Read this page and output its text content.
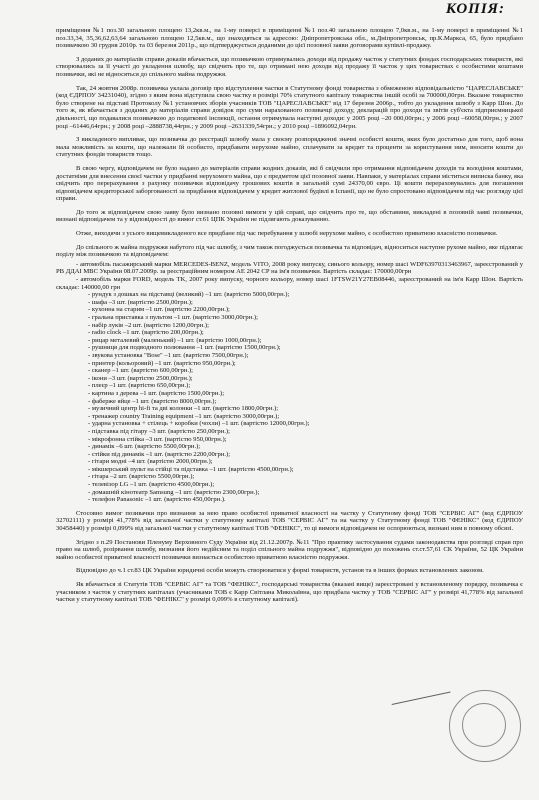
КОПІЯ:

приміщення №1 поз.30 загальною площею 13,2кв.м., на 1-му поверсі в приміщенні №1 поз.40 загальною площею 7,0кв.м., на 1-му поверсі в приміщенні №1 поз.33,34, 35,36,62,63,64 загальною площею 12,5кв.м., що знаходяться за адресою: Дніпропетровська обл., м.Дніпропетровськ, пр.К.Маркса, 65, було придбано позивачкою 30 грудня 2010р. та 03 березня 2011р., що підтверджується доданими до цієї позовної заяви договорами купівлі-продажу.

З доданих до матеріалів справи доказів вбачається, що позивачкою отримувались доходи від продажу часток у статутних фондах господарських товариств, які створювались за її участі до укладення шлюбу, що свідчить про те, що отримані нею доходи від продажу її часток у цих товариствах є особистими коштами позивачки, які не відносяться до спільного майна подружжя.

Так, 24 жовтня 2008р. позивачка уклала договір про відступлення частки в Статутному фонді товариства з обмеженою відповідальністю "ЦАРЕСЛАВСЬКЕ" (код ЄДРПОУ 34231040), згідно з яким вона відступила свою частку в розмірі 70% статутного капіталу товариства іншій особі за 700000,00грн. Вказане товариство було створене на підставі Протоколу №1 установчих зборів учасників ТОВ "ЦАРЕСЛАВСЬКЕ" від 17 березня 2006р., тобто до укладення шлюбу з Карр Шон. До того ж, як вбачається з доданих до матеріалів справи довідок про суми нарахованого позивачці доходу, декларацій про доходи та звітів суб'єкта підприємницької діяльності, що подавалися позивачкою до податкової інспекції, остання отримувала наступні доходи: у 2005 році –20 000,00грн.; у 2006 році –60058,00грн.; у 2007 році –61446,64грн.; у 2008 році –2888738,44грн.; у 2009 році –2631339,54грн.; у 2010 році –1896092,04грн.

З викладеного випливає, що позивачка до реєстрації шлюбу мала у своєму розпорядженні значні особисті кошти, яких було достатньо для того, щоб вона мала можливість за кошти, що належали їй особисто, придбавати нерухоме майно, сплачувати за кредит та проценти за користування ним, вносити кошти до статутних фондів товариств тощо.

В свою чергу, відповідачем не було надано до матеріалів справи жодних доказів, які б свідчили про отримання відповідачем доходів та володіння коштами, достатніми для внесення своєї частки у придбанні нерухомого майна, що є предметом цієї позовної заяви. Навпаки, у матеріалах справи міститься виписка банку, яка свідчить про перерахування з рахунку позивачки відповідачу грошових коштів в загальній сумі 24370,00 євро. Ці кошти перераховувались для погашення відповідачем кредиторської заборгованості за придбання відповідачем у кредит житлової будівлі в Іспанії, що не було спростовано відповідачем під час розгляду цієї справи.

До того ж відповідачем свою заяву було визнано позовні вимоги у цій справі, що свідчить про те, що обставини, викладені в позовній заяві позивачки, визнані відповідачем та у відповідності до вимог ст.61 ЦПК України не підлягають доказуванню.

Отже, виходячи з усього вищевикладеного все придбане під час перебування у шлюбі нерухоме майно, є особистою приватною власністю позивачки.

До спільного ж майна подружжя набутого під час шлюбу, з чим також погоджується позивачка та відповідач, відноситься наступне рухоме майно, яке підлягає поділу між позивачкою та відповідачем:

- автомобіль пасажирський марки MERCEDES-BENZ, модель VITO, 2008 року випуску, синього кольору, номер шасі WDF63970313463967, зареєстрований у РВ ДДАІ МВС України 08.07.2009р. за реєстраційним номером АЕ 2042 СР на ім'я позивачки. Вартість складає: 170000,00грн

- автомобіль марки FORD, модель TK, 2007 року випуску, чорного кольору, номер шасі 1FTSW21Y27EB08446, зареєстрований на ім'я Карр Шон. Вартість складає: 140000,00 грн

- рундук з дошках на підставці (великий) –1 шт. (вартістю 5000,00грн.);
- шафа –3 шт. (вартістю 2500,00грн.);
- кухонна на старим –1 шт. (вартістю 2200,00грн.);
- гральна приставка з пультом –1 шт. (вартістю 3000,00грн.);
- набір луків –2 шт. (вартістю 1200,00грн.);
- radio clock –1 шт. (вартістю 200,00грн.);
- рицар металевий (маленький) –1 шт. (вартістю 1000,00грн.);
- рушниця для подводного полювання –1 шт. (вартістю 1500,00грн.);
- звукова установка "Bose" –1 шт. (вартістю 7500,00грн.);
- принтер (кольоровий) –1 шт. (вартістю 950,00грн.);
- сканер –1 шт. (вартістю 600,00грн.);
- ікони –3 шт. (вартістю 2500,00грн.);
- плеєр –1 шт. (вартістю 650,00грн.);
- картина з дерева –1 шт. (вартістю 1500,00грн.);
- фаберже яйце –1 шт. (вартістю 8000,00грн.);
- музичний центр hi-fi та дві колонки –1 шт. (вартістю 1800,00грн.);
- тренажер country Training equipment –1 шт. (вартістю 3000,00грн.);
- ударна установка + стілець + коробки (чохли) –1 шт. (вартістю 12000,00грн.);
- підставка під гітару –3 шт. (вартістю 250,00грн.);
- мікрофонна стійка –3 шт. (вартістю 950,00грн.);
- динамік –6 шт. (вартістю 5500,00грн.);
- стійки під динамік –1 шт. (вартістю 2200,00грн.);
- гітари модні –4 шт. (вартістю 2000,00грн.);
- мікшерський пульт на стійці та підставка –1 шт. (вартістю 4500,00грн.);
- гітара –2 шт. (вартістю 5500,00грн.);
- телевізор LG –1 шт. (вартістю 4500,00грн.);
- домашній кінотеатр Samsung –1 шт. (вартістю 2300,00грн.);
- телефон Panasonic –1 шт. (вартістю 450,00грн.).

Стосовно вимог позивачки про визнання за нею право особистої приватної власності на частку у Статутному фонді ТОВ "СЕРВІС АГ" (код ЄДРПОУ 32702111) у розмірі 41,778% від загальної частки у статутному капіталі ТОВ "СЕРВІС АГ" та на частку у Статутному фонді ТОВ "ФЕНІКС" (код ЄДРПОУ 30458440) у розмірі 0,099% від загальної частки у статутному капіталі ТОВ "ФЕНІКС", то ці вимоги відповідачем не оспорюються, визнані ним в повному обсязі.

Згідно з п.29 Постанови Пленуму Верховного Суду України від 21.12.2007р. №11 "Про практику застосування судами законодавства при розгляді справ про право на шлюб, розірвання шлюбу, визнання його недійсним та поділ спільного майна подружжя", відповідно до положень ст.ст.57,61 СК України, 52 ЦК України майно особистої приватної власності позивачки визнається особистою приватною власністю подружжя.

Відповідно до ч.1 ст.83 ЦК України юридичні особи можуть створюватися у формі товариств, установ та в інших формах встановлених законом.

Як вбачається зі Статутів ТОВ "СЕРВІС АГ" та ТОВ "ФЕНІКС", господарські товариства (вказані вище) зареєстровані у встановленому порядку, позивачка є учасником з часток у статутних капіталах (учасниками ТОВ є Карр Світлана Миколаївна, що придбала частку у ТОВ "СЕРВІС АГ" у розмірі 41,778% від загальної частки у статутному капіталі ТОВ "ФЕНІКС" у розмірі 0,099% в статутному капіталі).
